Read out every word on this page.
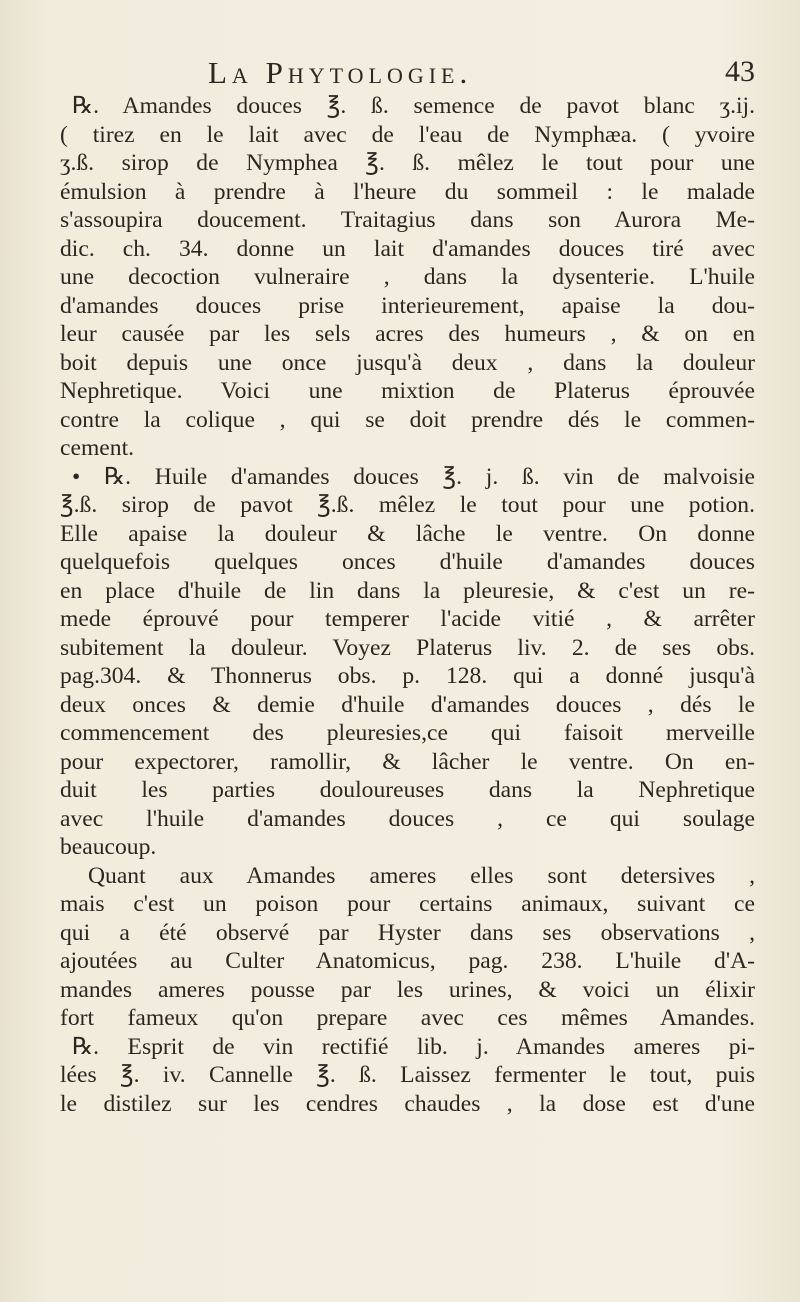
La Phytologie.	43
℞. Amandes douces ℥. ß. semence de pavot blanc ʒ.ij.
( tirez en le lait avec de l'eau de Nymphæa. ( yvoire
ʒ.ß. sirop de Nymphea ℥. ß. mêlez le tout pour une
émulsion à prendre à l'heure du sommeil : le malade
s'assoupira doucement. Traitagius dans son Aurora Me-
dic. ch. 34. donne un lait d'amandes douces tiré avec
une decoction vulneraire , dans la dysenterie. L'huile
d'amandes douces prise interieurement, apaise la dou-
leur causée par les sels acres des humeurs , & on en
boit depuis une once jusqu'à deux , dans la douleur
Nephretique. Voici une mixtion de Platerus éprouvée
contre la colique , qui se doit prendre dés le commen-
cement.
• ℞. Huile d'amandes douces ℥. j. ß. vin de malvoisie
℥.ß. sirop de pavot ℥.ß. mêlez le tout pour une potion.
Elle apaise la douleur & lâche le ventre. On donne
quelquefois quelques onces d'huile d'amandes douces
en place d'huile de lin dans la pleuresie, & c'est un re-
mede éprouvé pour temperer l'acide vitié , & arrêter
subitement la douleur. Voyez Platerus liv. 2. de ses obs.
pag.304. & Thonnerus obs. p. 128. qui a donné jusqu'à
deux onces & demie d'huile d'amandes douces , dés le
commencement des pleuresies,ce qui faisoit merveille
pour expectorer, ramollir, & lâcher le ventre. On en-
duit les parties douloureuses dans la Nephretique
avec l'huile d'amandes douces , ce qui soulage
beaucoup.
Quant aux Amandes ameres elles sont detersives ,
mais c'est un poison pour certains animaux, suivant ce
qui a été observé par Hyster dans ses observations ,
ajoutées au Culter Anatomicus, pag. 238. L'huile d'A-
mandes ameres pousse par les urines, & voici un élixir
fort fameux qu'on prepare avec ces mêmes Amandes.
℞. Esprit de vin rectifié lib. j. Amandes ameres pi-
lées ℥. iv. Cannelle ℥. ß. Laissez fermenter le tout, puis
le distilez sur les cendres chaudes , la dose est d'une
